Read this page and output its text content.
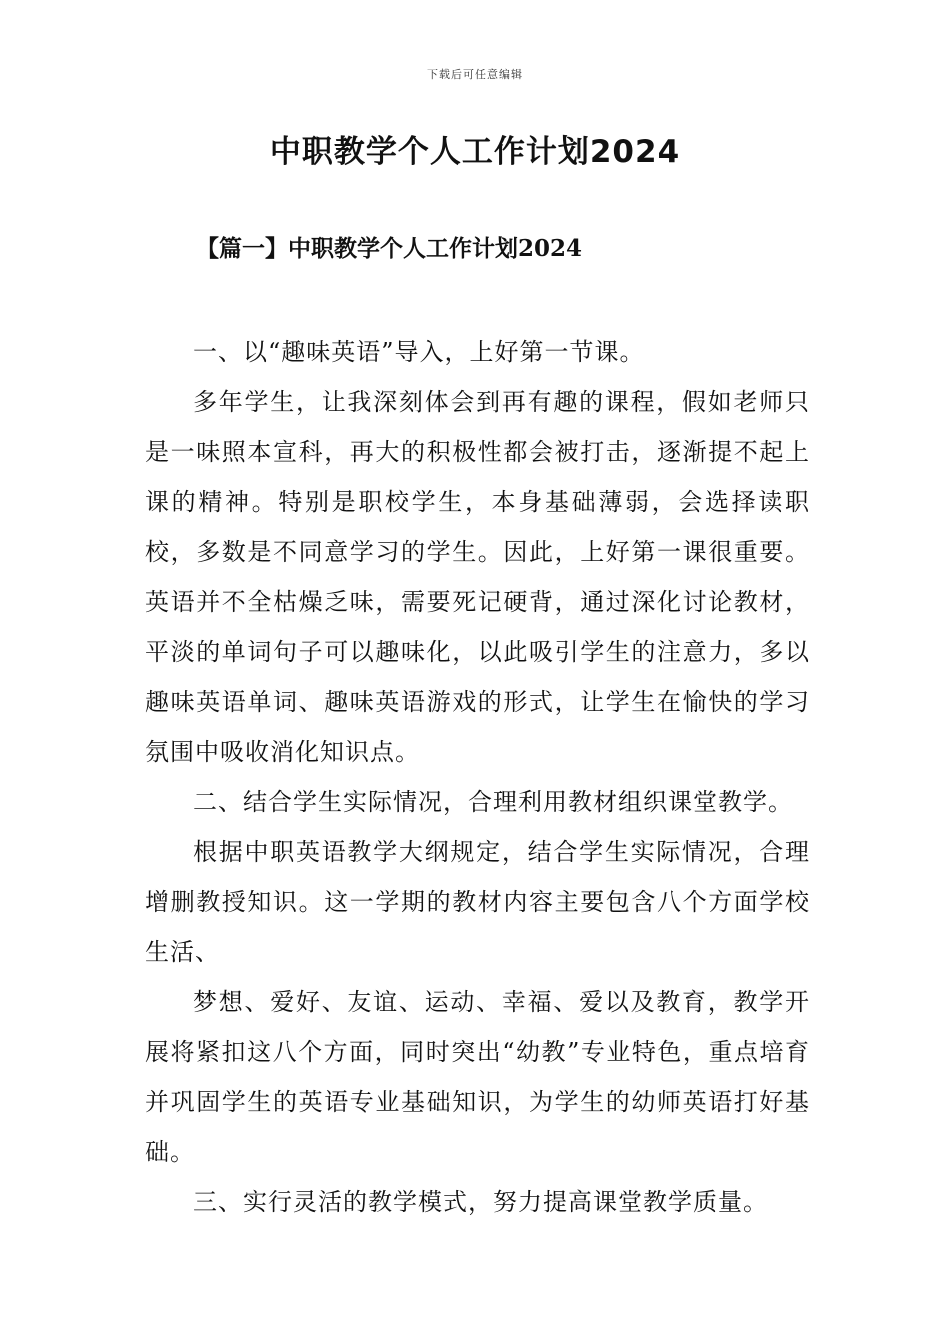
下载后可任意编辑
中职教学个人工作计划2024
【篇一】中职教学个人工作计划2024

一、以“趣味英语”导入，上好第一节课。

多年学生，让我深刻体会到再有趣的课程，假如老师只是一味照本宣科，再大的积极性都会被打击，逐渐提不起上课的精神。特别是职校学生，本身基础薄弱，会选择读职校，多数是不同意学习的学生。因此，上好第一课很重要。英语并不全枯燥乏味，需要死记硬背，通过深化讨论教材，平淡的单词句子可以趣味化，以此吸引学生的注意力，多以趣味英语单词、趣味英语游戏的形式，让学生在愉快的学习氛围中吸收消化知识点。

二、结合学生实际情况，合理利用教材组织课堂教学。

根据中职英语教学大纲规定，结合学生实际情况，合理增删教授知识。这一学期的教材内容主要包含八个方面学校生活、

梦想、爱好、友谊、运动、幸福、爱以及教育，教学开展将紧扣这八个方面，同时突出“幼教”专业特色，重点培育并巩固学生的英语专业基础知识，为学生的幼师英语打好基础。

三、实行灵活的教学模式，努力提高课堂教学质量。
